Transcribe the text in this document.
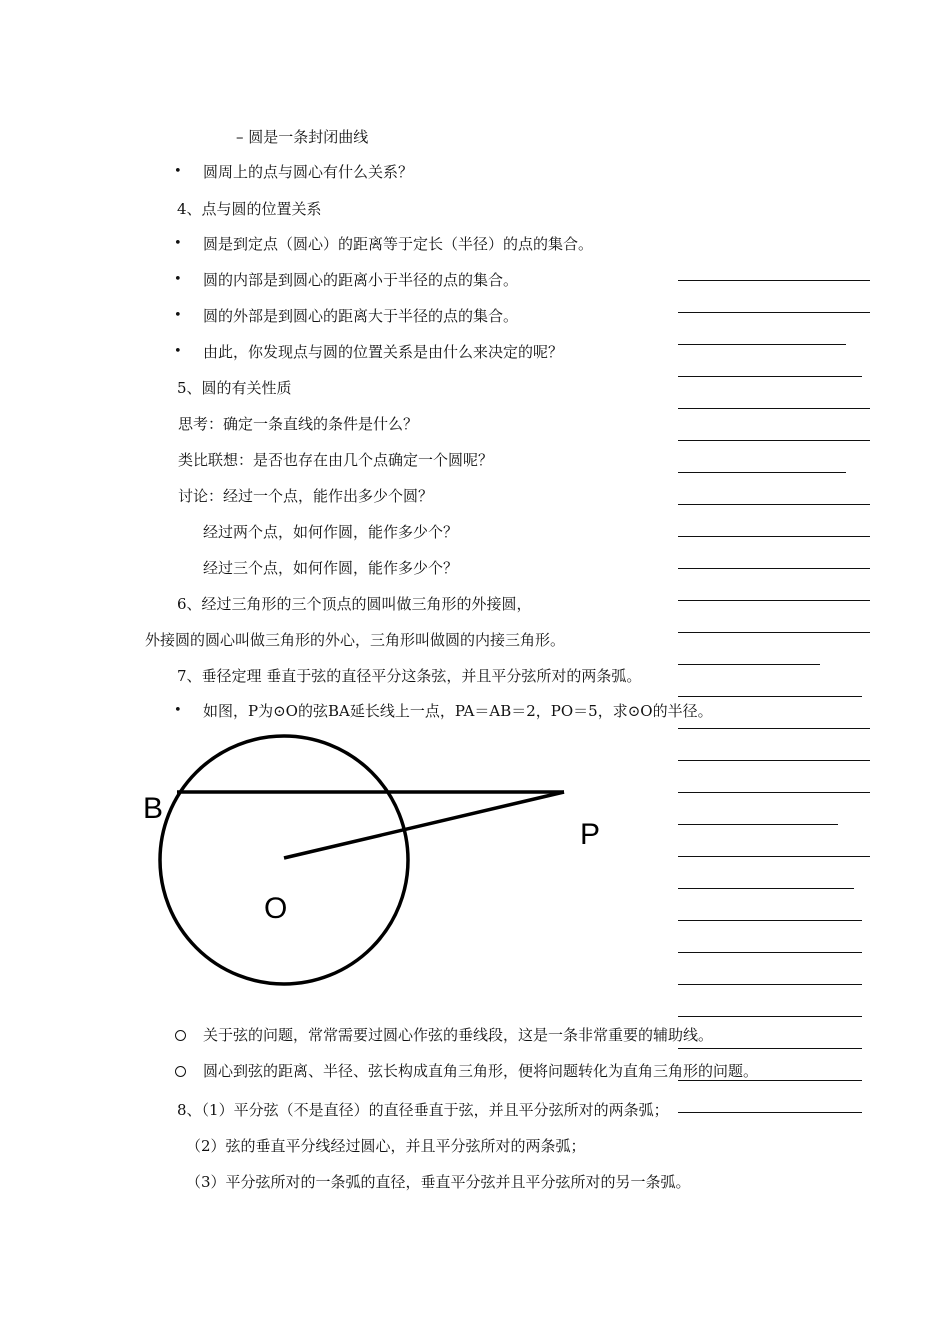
– 圆是一条封闭曲线
• 圆周上的点与圆心有什么关系？
4、点与圆的位置关系
• 圆是到定点（圆心）的距离等于定长（半径）的点的集合。
• 圆的内部是到圆心的距离小于半径的点的集合。
• 圆的外部是到圆心的距离大于半径的点的集合。
• 由此，你发现点与圆的位置关系是由什么来决定的呢？
5、圆的有关性质
思考：确定一条直线的条件是什么？
类比联想：是否也存在由几个点确定一个圆呢？
讨论：经过一个点，能作出多少个圆？
经过两个点，如何作圆，能作多少个？
经过三个点，如何作圆，能作多少个？
6、经过三角形的三个顶点的圆叫做三角形的外接圆，
外接圆的圆心叫做三角形的外心，三角形叫做圆的内接三角形。
7、垂径定理 垂直于弦的直径平分这条弦，并且平分弦所对的两条弧。
• 如图，P为⊙O的弦BA延长线上一点，PA＝AB＝2，PO＝5，求⊙O的半径。
B
P
O
关于弦的问题，常常需要过圆心作弦的垂线段，这是一条非常重要的辅助线。
圆心到弦的距离、半径、弦长构成直角三角形，便将问题转化为直角三角形的问题。
8、（1）平分弦（不是直径）的直径垂直于弦，并且平分弦所对的两条弧；
（2）弦的垂直平分线经过圆心，并且平分弦所对的两条弧；
（3）平分弦所对的一条弧的直径，垂直平分弦并且平分弦所对的另一条弧。
